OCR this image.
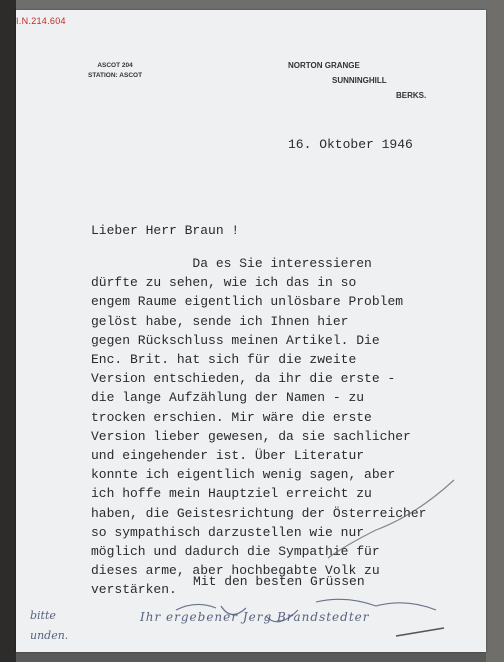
I.N.214.604
ASCOT 204
STATION: ASCOT
NORTON GRANGE
SUNNINGHILL
BERKS.
16. Oktober 1946
Lieber Herr Braun !
Da es Sie interessieren
dürfte zu sehen, wie ich das in so
engem Raume eigentlich unlösbare Problem
gelöst habe, sende ich Ihnen hier
gegen Rückschluss meinen Artikel. Die
Enc. Brit. hat sich für die zweite
Version entschieden, da ihr die erste -
die lange Aufzählung der Namen - zu
trocken erschien. Mir wäre die erste
Version lieber gewesen, da sie sachlicher
und eingehender ist. Über Literatur
konnte ich eigentlich wenig sagen, aber
ich hoffe mein Hauptziel erreicht zu
haben, die Geistesrichtung der Österreicher
so sympathisch darzustellen wie nur
möglich und dadurch die Sympathie für
dieses arme, aber hochbegabte Volk zu
verstärken.
Mit den besten Grüssen
bitte
unden.
Ihr ergebener Jerg Brandstedter
